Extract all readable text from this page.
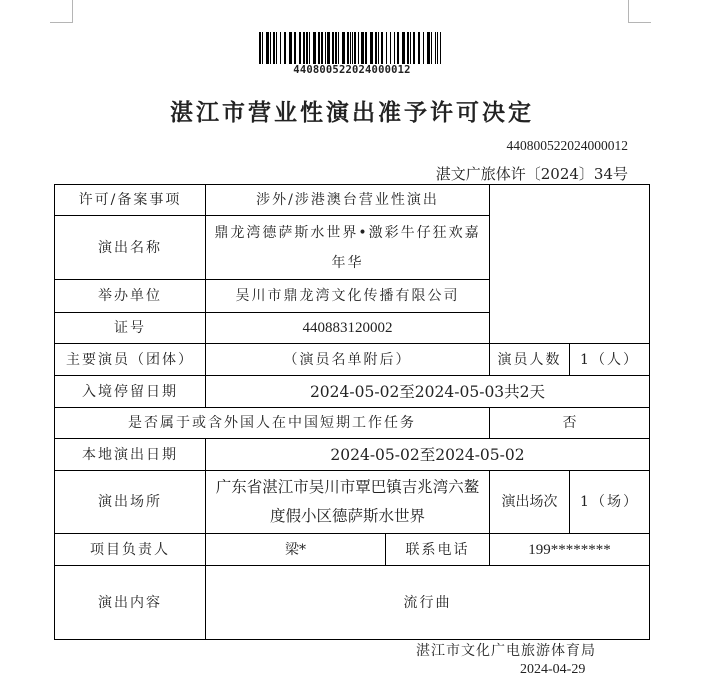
440800522024000012
湛江市营业性演出准予许可决定
440800522024000012
湛文广旅体许〔2024〕34号
许可/备案事项	涉外/涉港澳台营业性演出			
演出名称	鼎龙湾德萨斯水世界•激彩牛仔狂欢嘉年华			
举办单位	吴川市鼎龙湾文化传播有限公司			
证号	440883120002			
主要演员（团体）	（演员名单附后）		演员人数	1（人）
入境停留日期	2024-05-02至2024-05-03共2天			
是否属于或含外国人在中国短期工作任务			否	
本地演出日期	2024-05-02至2024-05-02			
演出场所	广东省湛江市吴川市覃巴镇吉兆湾六鳌度假小区德萨斯水世界		演出场次	1（场）
项目负责人	梁*	联系电话	199********	
演出内容	流行曲			
湛江市文化广电旅游体育局
2024-04-29
